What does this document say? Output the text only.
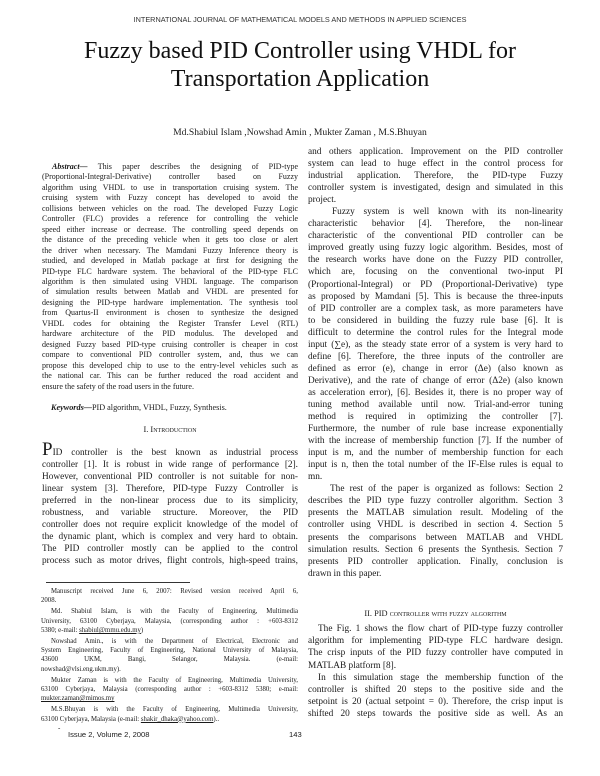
INTERNATIONAL JOURNAL OF MATHEMATICAL MODELS AND METHODS IN APPLIED SCIENCES
Fuzzy based PID Controller using VHDL for
Transportation Application
Md.Shabiul Islam ,Nowshad Amin , Mukter Zaman , M.S.Bhuyan
Abstract— This paper describes the designing of PID-type
(Proportional-Integral-Derivative) controller based on Fuzzy
algorithm using VHDL to use in transportation cruising system. The
cruising system with Fuzzy concept has developed to avoid the
collisions between vehicles on the road. The developed Fuzzy Logic
Controller (FLC) provides a reference for controlling the vehicle
speed either increase or decrease. The controlling speed depends on
the distance of the preceding vehicle when it gets too close or alert
the driver when necessary. The Mamdani Fuzzy Inference theory is
studied, and developed in Matlab package at first for designing the
PID-type FLC hardware system. The behavioral of the PID-type FLC
algorithm is then simulated using VHDL language. The comparison
of simulation results between Matlab and VHDL are presented for
designing the PID-type hardware implementation. The synthesis tool
from Quartus-II environment is chosen to synthesize the designed
VHDL codes for obtaining the Register Transfer Level (RTL)
hardware architecture of the PID modulus. The developed and
designed Fuzzy based PID-type cruising controller is cheaper in cost
compare to conventional PID controller system, and, thus we can
propose this developed chip to use to the entry-level vehicles such as
the national car. This can be further reduced the road accident and
ensure the safety of the road users in the future.
Keywords—PID algorithm, VHDL, Fuzzy, Synthesis.
I. Introduction
PID controller is the best known as industrial process
controller [1]. It is robust in wide range of performance [2].
However, conventional PID controller is not suitable for non-
linear system [3]. Therefore, PID-type Fuzzy Controller is
preferred in the non-linear process due to its simplicity,
robustness, and variable structure. Moreover, the PID
controller does not require explicit knowledge of the model of
the dynamic plant, which is complex and very hard to obtain.
The PID controller mostly can be applied to the control
process such as motor drives, flight controls, high-speed trains,
Manuscript received June 6, 2007: Revised version received April 6,
2008.
Md. Shabiul Islam, is with the Faculty of Engineering, Multimedia
University, 63100 Cyberjaya, Malaysia, (corresponding author : +603-8312
5380; e-mail: shabiul@mmu.edu.my)
Nowshad Amin., is with the Department of Electrical, Electronic and
System Engineering, Faculty of Engineering, National University of Malaysia,
43600 UKM, Bangi, Selangor, Malaysia. (e-mail:
nowshad@vlsi.eng.ukm.my).
Mukter Zaman is with the Faculty of Engineering, Multimedia University,
63100 Cyberjaya, Malaysia (corresponding author : +603-8312 5380; e-mail:
mukter.zaman@mimos.my
M.S.Bhuyan is with the Faculty of Engineering, Multimedia University,
63100 Cyberjaya, Malaysia (e-mail: shakir_dhaka@yahoo.com)..
-
and others application. Improvement on the PID controller
system can lead to huge effect in the control process for
industrial application. Therefore, the PID-type Fuzzy
controller system is investigated, design and simulated in this
project.
Fuzzy system is well known with its non-linearity
characteristic behavior [4]. Therefore, the non-linear
characteristic of the conventional PID controller can be
improved greatly using fuzzy logic algorithm. Besides, most of
the research works have done on the Fuzzy PID controller,
which are, focusing on the conventional two-input PI
(Proportional-Integral) or PD (Proportional-Derivative) type
as proposed by Mamdani [5]. This is because the three-inputs
of PID controller are a complex task, as more parameters have
to be considered in building the fuzzy rule base [6]. It is
difficult to determine the control rules for the Integral mode
input (∑e), as the steady state error of a system is very hard to
define [6]. Therefore, the three inputs of the controller are
defined as error (e), change in error (Δe) (also known as
Derivative), and the rate of change of error (Δ2e) (also known
as acceleration error), [6]. Besides it, there is no proper way of
tuning method available until now. Trial-and-error tuning
method is required in optimizing the controller [7].
Furthermore, the number of rule base increase exponentially
with the increase of membership function [7]. If the number of
input is m, and the number of membership function for each
input is n, then the total number of the IF-Else rules is equal to
mn.
The rest of the paper is organized as follows: Section 2
describes the PID type fuzzy controller algorithm. Section 3
presents the MATLAB simulation result. Modeling of the
controller using VHDL is described in section 4. Section 5
presents the comparisons between MATLAB and VHDL
simulation results. Section 6 presents the Synthesis. Section 7
presents PID controller application. Finally, conclusion is
drawn in this paper.
II. PID controller with fuzzy algorithm
The Fig. 1 shows the flow chart of PID-type fuzzy controller
algorithm for implementing PID-type FLC hardware design.
The crisp inputs of the PID fuzzy controller have computed in
MATLAB platform [8].
In this simulation stage the membership function of the
controller is shifted 20 steps to the positive side and the
setpoint is 20 (actual setpoint = 0). Therefore, the crisp input is
shifted 20 steps towards the positive side as well. As an
Issue 2, Volume 2, 2008	143
